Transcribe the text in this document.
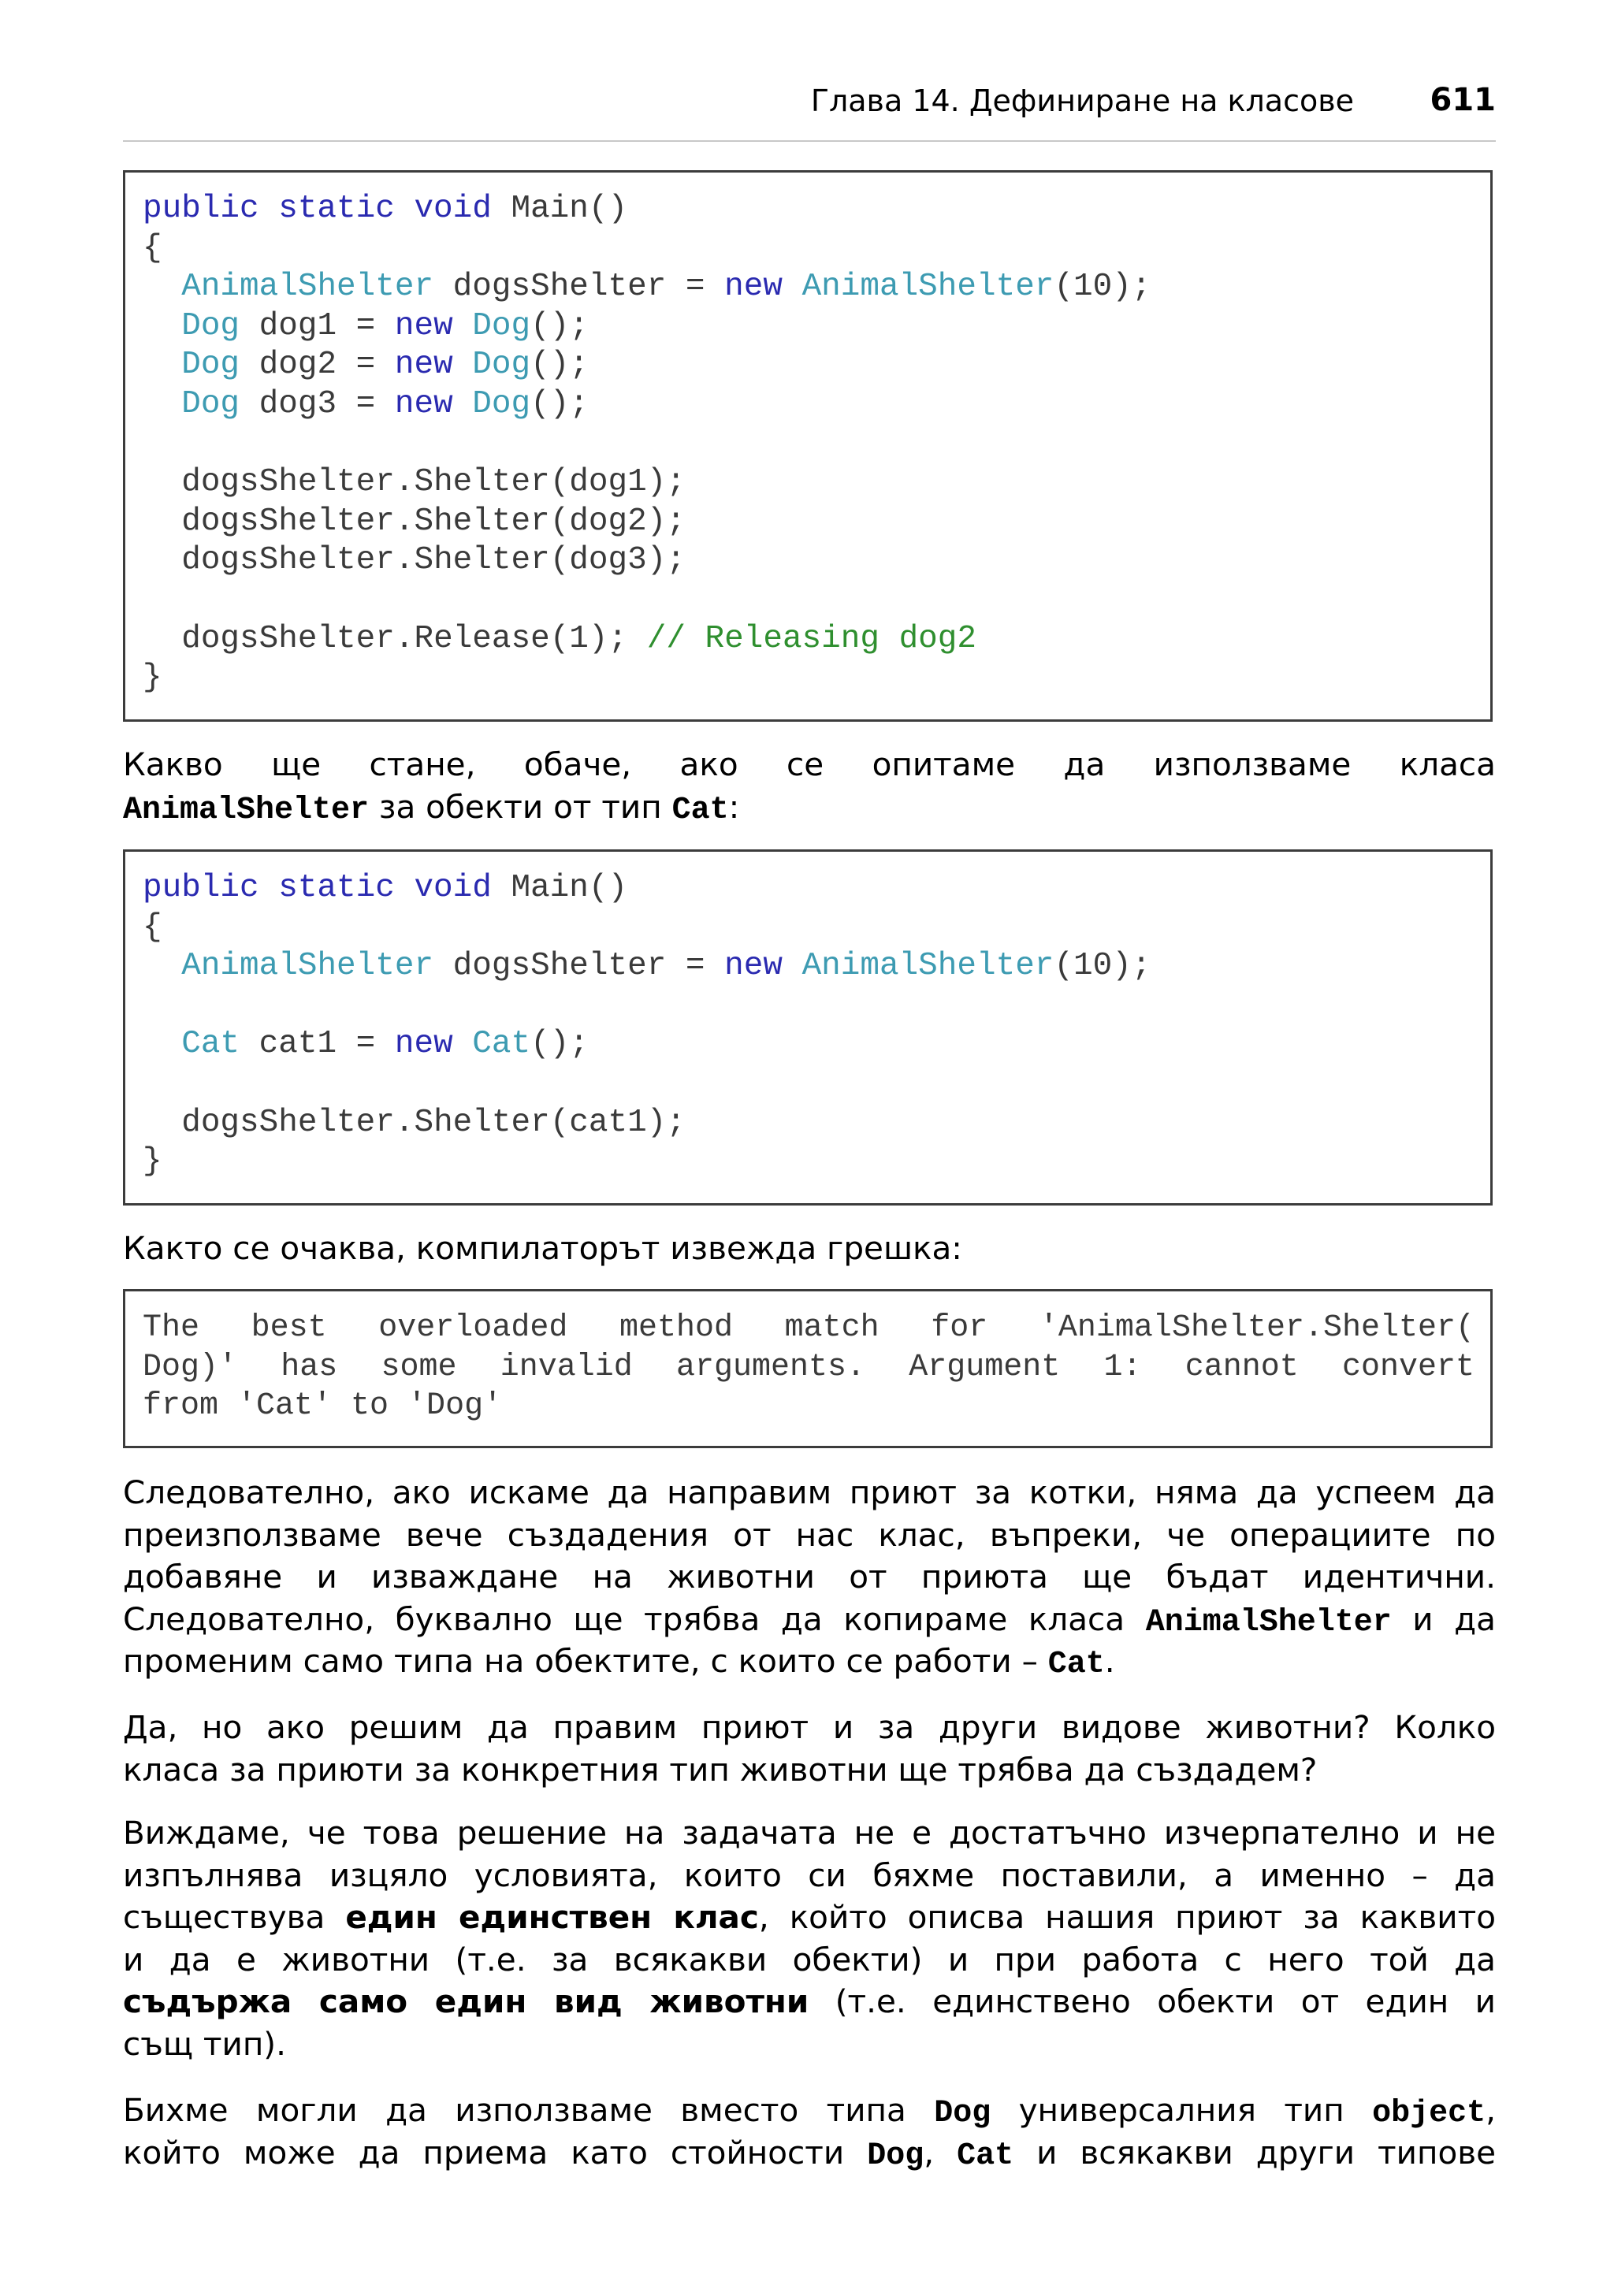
Глава 14. Дефиниране на класове 611
public static void Main()
{
AnimalShelter dogsShelter = new AnimalShelter(10);
Dog dog1 = new Dog();
Dog dog2 = new Dog();
Dog dog3 = new Dog();
dogsShelter.Shelter(dog1);
dogsShelter.Shelter(dog2);
dogsShelter.Shelter(dog3);
dogsShelter.Release(1); // Releasing dog2
}
Какво ще стане, обаче, ако се опитаме да използваме класа
AnimalShelter за обекти от тип Cat:
public static void Main()
{
AnimalShelter dogsShelter = new AnimalShelter(10);
Cat cat1 = new Cat();
dogsShelter.Shelter(cat1);
}
Както се очаква, компилаторът извежда грешка:
The best overloaded method match for 'AnimalShelter.Shelter(
Dog)' has some invalid arguments. Argument 1: cannot convert
from 'Cat' to 'Dog'
Следователно, ако искаме да направим приют за котки, няма да успеем да
преизползваме вече създадения от нас клас, въпреки, че операциите по
добавяне и изваждане на животни от приюта ще бъдат идентични.
Следователно, буквално ще трябва да копираме класа AnimalShelter и да
променим само типа на обектите, с които се работи – Cat.
Да, но ако решим да правим приют и за други видове животни? Колко
класа за приюти за конкретния тип животни ще трябва да създадем?
Виждаме, че това решение на задачата не е достатъчно изчерпателно и не
изпълнява изцяло условията, които си бяхме поставили, а именно – да
съществува един единствен клас, който описва нашия приют за каквито
и да е животни (т.е. за всякакви обекти) и при работа с него той да
съдържа само един вид животни (т.е. единствено обекти от един и
същ тип).
Бихме могли да използваме вместо типа Dog универсалния тип object,
който може да приема като стойности Dog, Cat и всякакви други типове
